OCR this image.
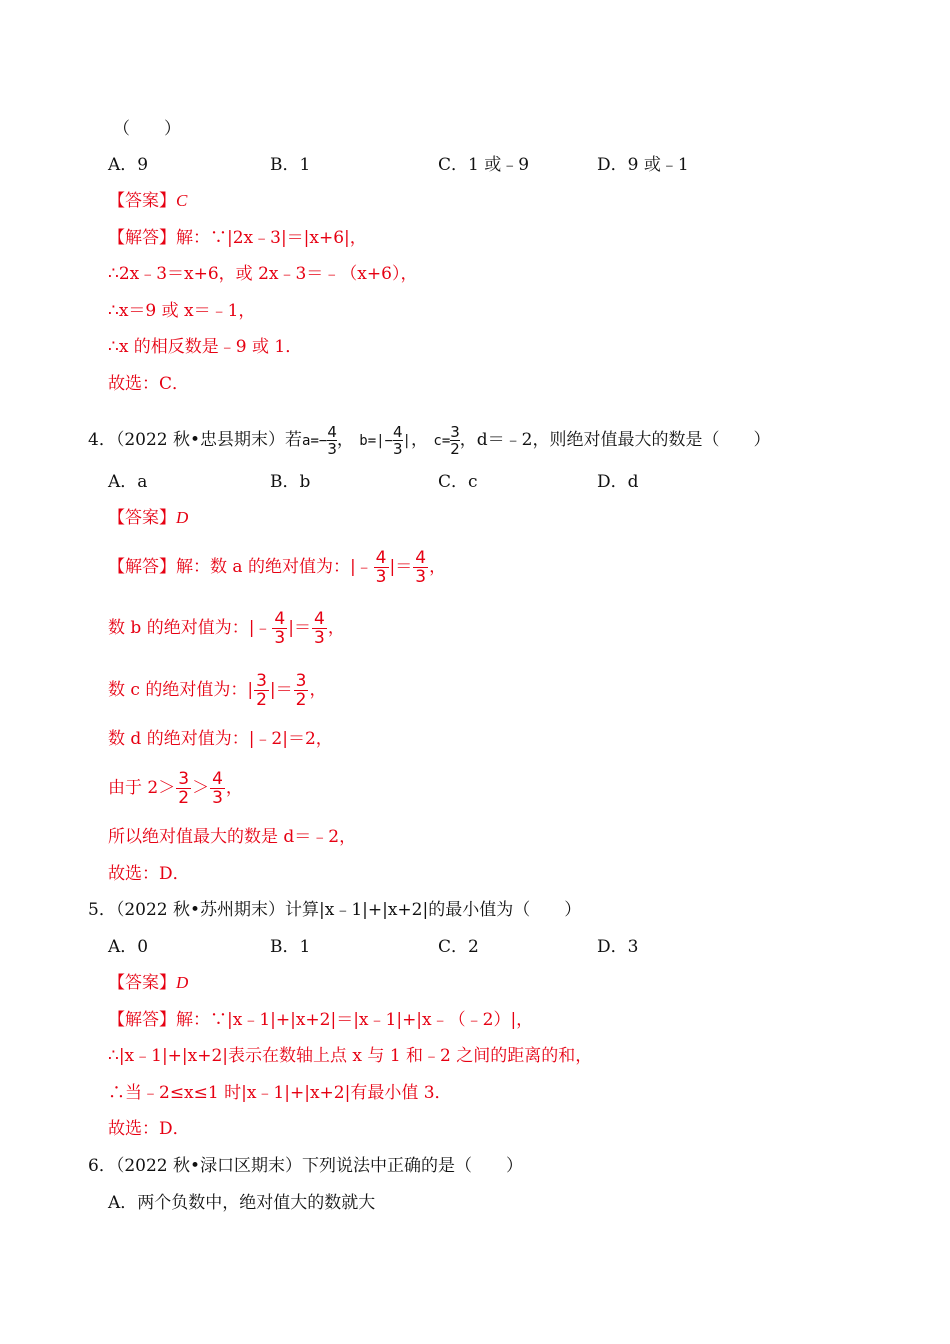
（　　）
A．9	B．1	C．1 或﹣9	D．9 或﹣1
【答案】C
【解答】解：∵|2x﹣3|＝|x+6|，
∴2x﹣3＝x+6，或 2x﹣3＝﹣（x+6），
∴x＝9 或 x＝﹣1，
∴x 的相反数是﹣9 或 1．
故选：C．
4．（2022 秋•忠县期末）若$a=- \frac{4}{3}$ ， $b=|- \frac{4}{3}$ |， $c= \frac{3}{2}$ ，d＝﹣2，则绝对值最大的数是（　　）
A．a	B．b	C．c	D．d
【答案】D
【解答】解：数 a 的绝对值为：|﹣ $\frac{4}{3}$ |＝ $\frac{4}{3}$ ，
数 b 的绝对值为：|﹣ $\frac{4}{3}$ |＝ $\frac{4}{3}$ ，
数 c 的绝对值为：| $\frac{3}{2}$ |＝ $\frac{3}{2}$ ，
数 d 的绝对值为：|﹣2|＝2，
由于 $2> \frac{3}{2} > \frac{4}{3}$ ，
所以绝对值最大的数是 d＝﹣2，
故选：D．
5．（2022 秋•苏州期末）计算|x﹣1|+|x+2|的最小值为（　　）
A．0	B．1	C．2	D．3
【答案】D
【解答】解：∵|x﹣1|+|x+2|＝|x﹣1|+|x﹣（﹣2）|，
∴|x﹣1|+|x+2|表示在数轴上点 x 与 1 和﹣2 之间的距离的和，
∴当﹣2≤x≤1 时|x﹣1|+|x+2|有最小值 3．
故选：D．
6．（2022 秋•渌口区期末）下列说法中正确的是（　　）
A．两个负数中，绝对值大的数就大
